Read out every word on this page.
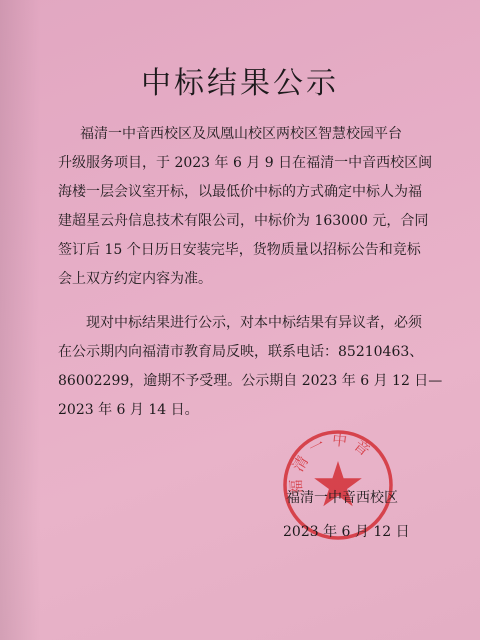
中标结果公示

福清一中音西校区及凤凰山校区两校区智慧校园平台
升级服务项目，于 2023 年 6 月 9 日在福清一中音西校区闽
海楼一层会议室开标，以最低价中标的方式确定中标人为福
建超星云舟信息技术有限公司，中标价为 163000 元，合同
签订后 15 个日历日安装完毕，货物质量以招标公告和竞标
会上双方约定内容为准。

现对中标结果进行公示，对本中标结果有异议者，必须
在公示期内向福清市教育局反映，联系电话：85210463、
86002299，逾期不予受理。公示期自 2023 年 6 月 12 日—
2023 年 6 月 14 日。

福清一中音
福清一中音西校区
2023 年 6 月 12 日
